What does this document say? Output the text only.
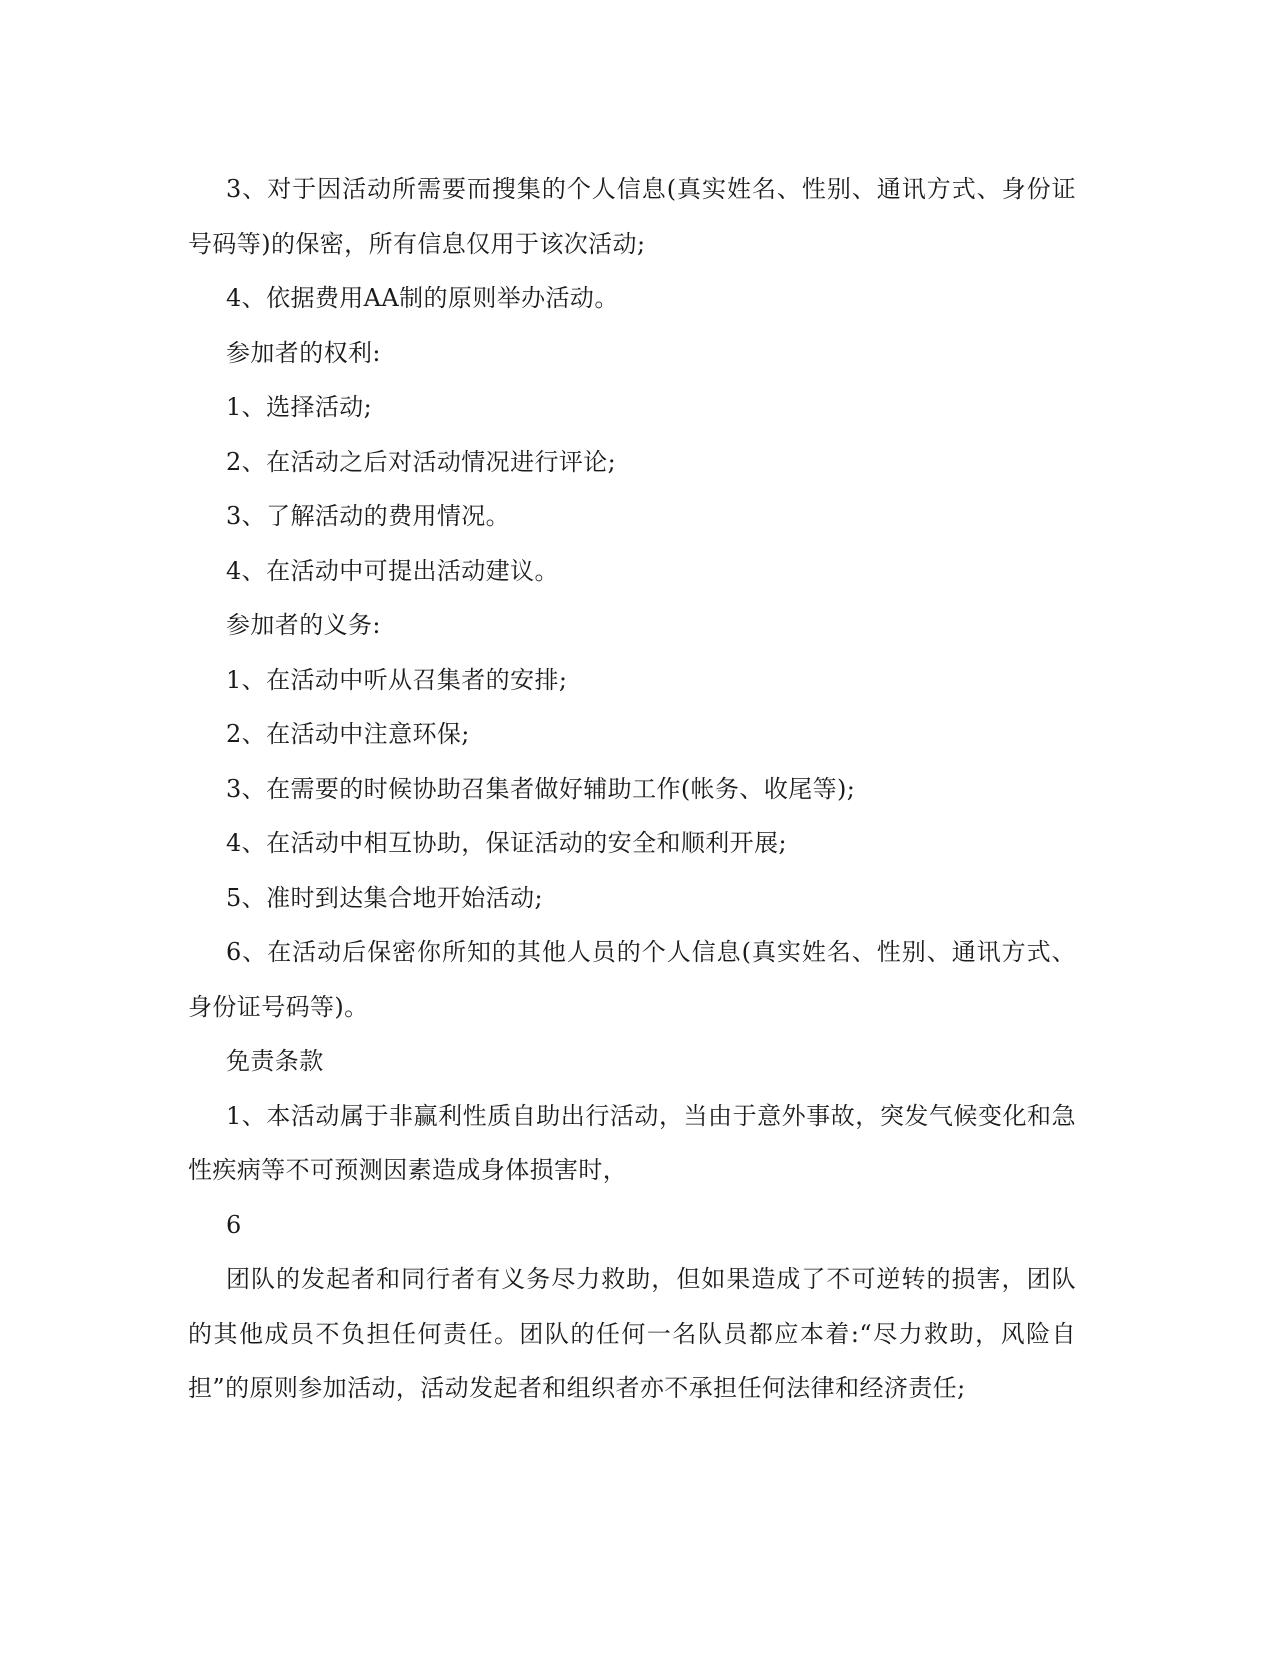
3、对于因活动所需要而搜集的个人信息(真实姓名、性别、通讯方式、身份证号码等)的保密，所有信息仅用于该次活动;

4、依据费用AA制的原则举办活动。

参加者的权利:

1、选择活动;

2、在活动之后对活动情况进行评论;

3、了解活动的费用情况。

4、在活动中可提出活动建议。

参加者的义务:

1、在活动中听从召集者的安排;

2、在活动中注意环保;

3、在需要的时候协助召集者做好辅助工作(帐务、收尾等);

4、在活动中相互协助，保证活动的安全和顺利开展;

5、准时到达集合地开始活动;

6、在活动后保密你所知的其他人员的个人信息(真实姓名、性别、通讯方式、身份证号码等)。

免责条款

1、本活动属于非赢利性质自助出行活动，当由于意外事故，突发气候变化和急性疾病等不可预测因素造成身体损害时，

6

团队的发起者和同行者有义务尽力救助，但如果造成了不可逆转的损害，团队的其他成员不负担任何责任。团队的任何一名队员都应本着:“尽力救助，风险自担”的原则参加活动，活动发起者和组织者亦不承担任何法律和经济责任;
